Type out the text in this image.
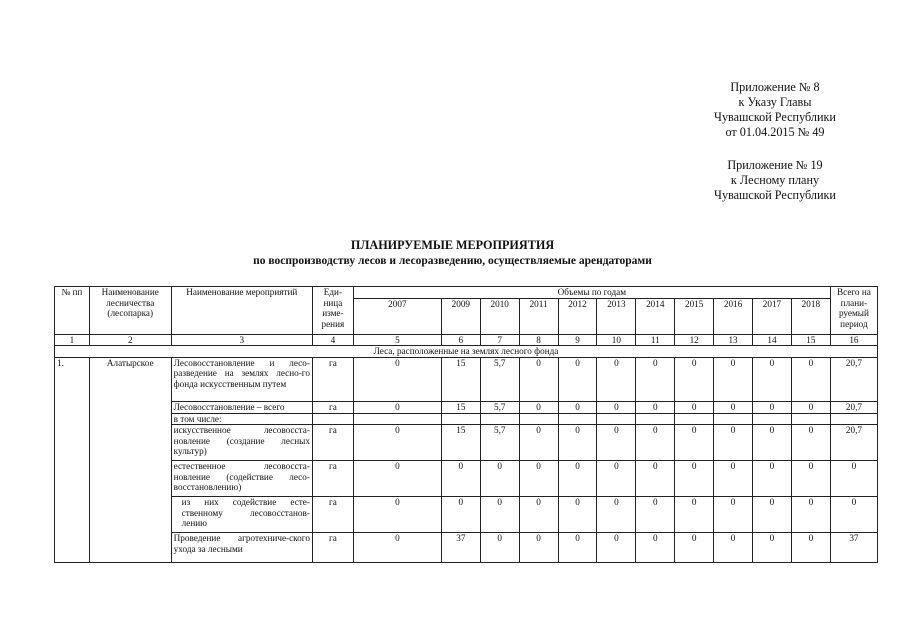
Приложение № 8
к Указу Главы
Чувашской Республики
от 01.04.2015 № 49
Приложение № 19
к Лесному плану
Чувашской Республики
ПЛАНИРУЕМЫЕ МЕРОПРИЯТИЯ
по воспроизводству лесов и лесоразведению, осуществляемые арендаторами
№ пп	Наименование лесничества (лесопарка)	Наименование мероприятий	Еди-ница изме-рения	Объемы по годам											Всего на плани-руемый период
				2007	2009	2010	2011	2012	2013	2014	2015	2016	2017	2018	
1	2	3	4	5	6	7	8	9	10	11	12	13	14	15	16
Леса, расположенные на землях лесного фонда															
1.	Алатырское	Лесовосстановление и лесо-разведение на землях лесно-го фонда искусственным путем	га	0	15	5,7	0	0	0	0	0	0	0	0	20,7
		Лесовосстановление – всего	га	0	15	5,7	0	0	0	0	0	0	0	0	20,7
		в том числе:													
		искусственное лесовосста-новление (создание лесных культур)	га	0	15	5,7	0	0	0	0	0	0	0	0	20,7
		естественное лесовосста-новление (содействие лесо-восстановлению)	га	0	0	0	0	0	0	0	0	0	0	0	0
		из них содействие есте-ственному лесовосстанов-лению	га	0	0	0	0	0	0	0	0	0	0	0	0
		Проведение агротехниче-ского ухода за лесными	га	0	37	0	0	0	0	0	0	0	0	0	37
